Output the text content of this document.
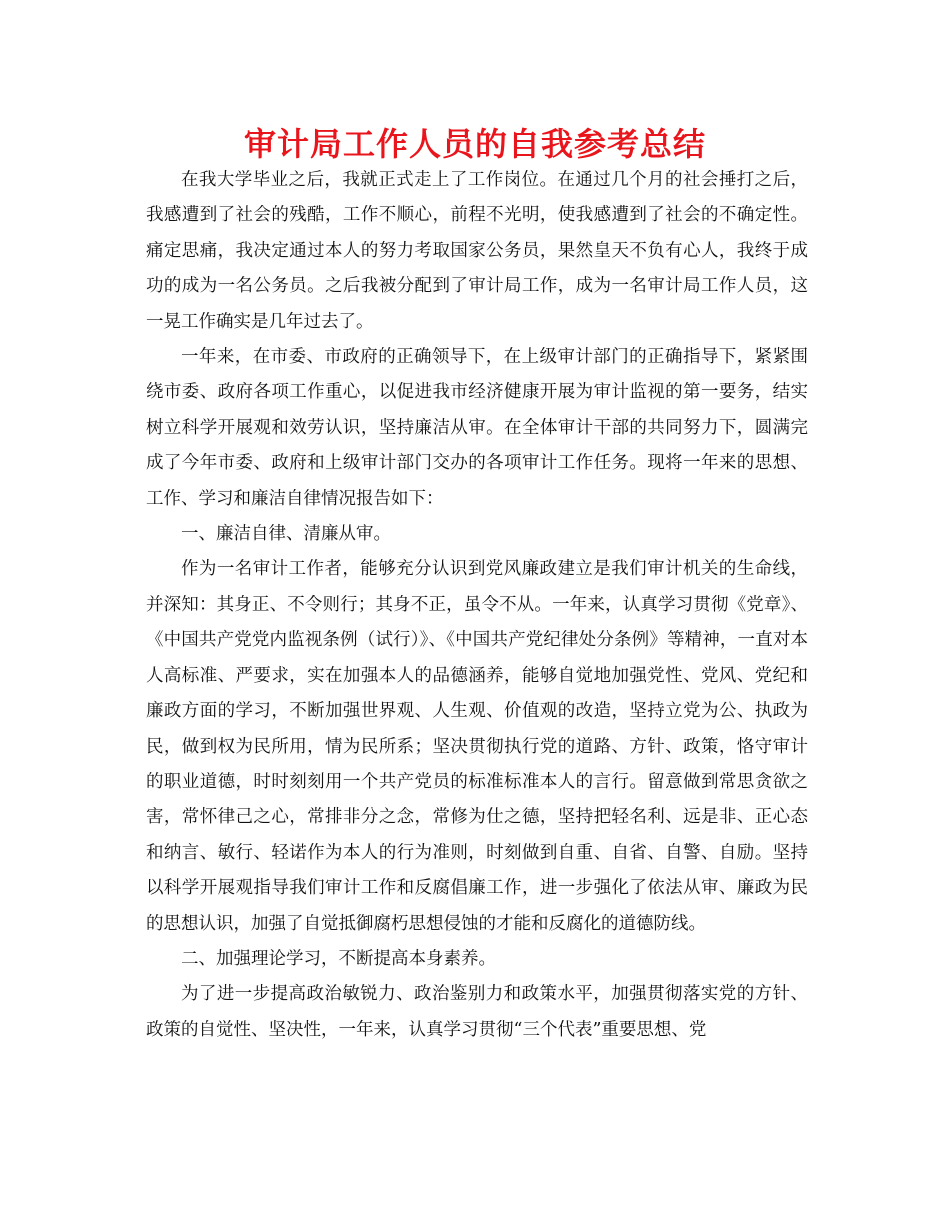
审计局工作人员的自我参考总结

在我大学毕业之后，我就正式走上了工作岗位。在通过几个月的社会捶打之后，我感遭到了社会的残酷，工作不顺心，前程不光明，使我感遭到了社会的不确定性。痛定思痛，我决定通过本人的努力考取国家公务员，果然皇天不负有心人，我终于成功的成为一名公务员。之后我被分配到了审计局工作，成为一名审计局工作人员，这一晃工作确实是几年过去了。

一年来，在市委、市政府的正确领导下，在上级审计部门的正确指导下，紧紧围绕市委、政府各项工作重心，以促进我市经济健康开展为审计监视的第一要务，结实树立科学开展观和效劳认识，坚持廉洁从审。在全体审计干部的共同努力下，圆满完成了今年市委、政府和上级审计部门交办的各项审计工作任务。现将一年来的思想、工作、学习和廉洁自律情况报告如下：

一、廉洁自律、清廉从审。

作为一名审计工作者，能够充分认识到党风廉政建立是我们审计机关的生命线，并深知：其身正、不令则行；其身不正，虽令不从。一年来，认真学习贯彻《党章》、《中国共产党党内监视条例（试行）》、《中国共产党纪律处分条例》等精神，一直对本人高标准、严要求，实在加强本人的品德涵养，能够自觉地加强党性、党风、党纪和廉政方面的学习，不断加强世界观、人生观、价值观的改造，坚持立党为公、执政为民，做到权为民所用，情为民所系；坚决贯彻执行党的道路、方针、政策，恪守审计的职业道德，时时刻刻用一个共产党员的标准标准本人的言行。留意做到常思贪欲之害，常怀律己之心，常排非分之念，常修为仕之德，坚持把轻名利、远是非、正心态和纳言、敏行、轻诺作为本人的行为准则，时刻做到自重、自省、自警、自励。坚持以科学开展观指导我们审计工作和反腐倡廉工作，进一步强化了依法从审、廉政为民的思想认识，加强了自觉抵御腐朽思想侵蚀的才能和反腐化的道德防线。

二、加强理论学习，不断提高本身素养。

为了进一步提高政治敏锐力、政治鉴别力和政策水平，加强贯彻落实党的方针、政策的自觉性、坚决性，一年来，认真学习贯彻“三个代表”重要思想、党
